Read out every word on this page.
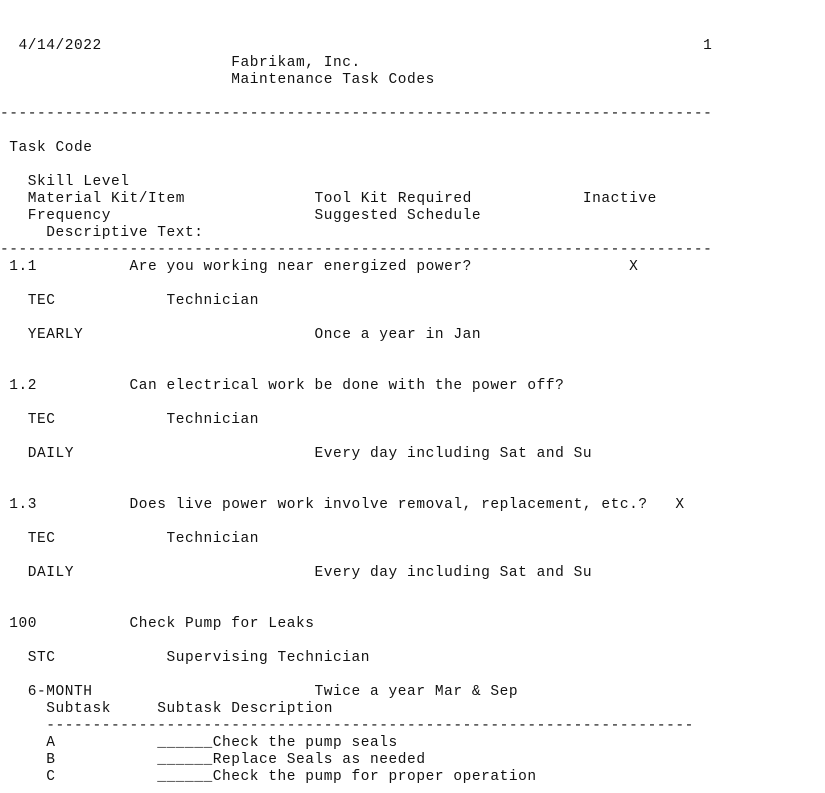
4/14/2022                                                                 1
Fabrikam, Inc.
Maintenance Task Codes
-----------------------------------------------------------------------------
Task Code
Skill Level
Material Kit/Item              Tool Kit Required            Inactive
Frequency                      Suggested Schedule
Descriptive Text:
-----------------------------------------------------------------------------
1.1          Are you working near energized power?                 X
TEC            Technician
YEARLY                         Once a year in Jan
1.2          Can electrical work be done with the power off?
TEC            Technician
DAILY                          Every day including Sat and Su
1.3          Does live power work involve removal, replacement, etc.?   X
TEC            Technician
DAILY                          Every day including Sat and Su
100          Check Pump for Leaks
STC            Supervising Technician
6-MONTH                        Twice a year Mar & Sep
Subtask     Subtask Description
----------------------------------------------------------------------
A           ______Check the pump seals
B           ______Replace Seals as needed
C           ______Check the pump for proper operation
